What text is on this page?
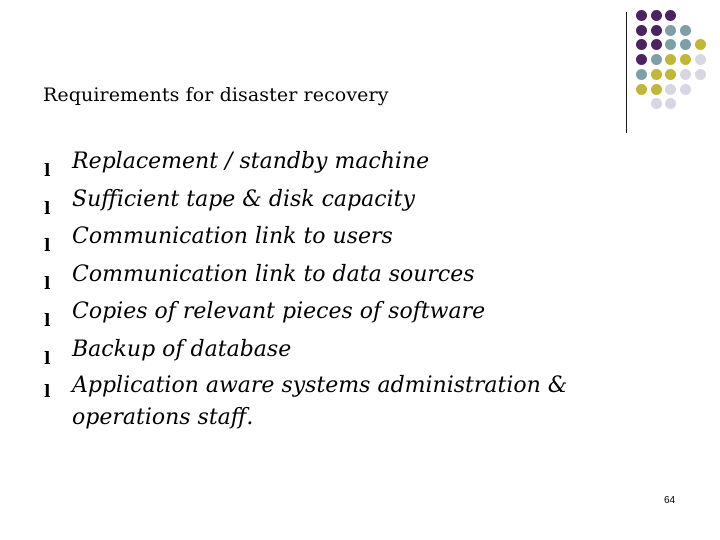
Requirements for disaster recovery
l Replacement / standby machine
l Sufficient tape & disk capacity
l Communication link to users
l Communication link to data sources
l Copies of relevant pieces of software
l Backup of database
l Application aware systems administration & operations staff.
64
